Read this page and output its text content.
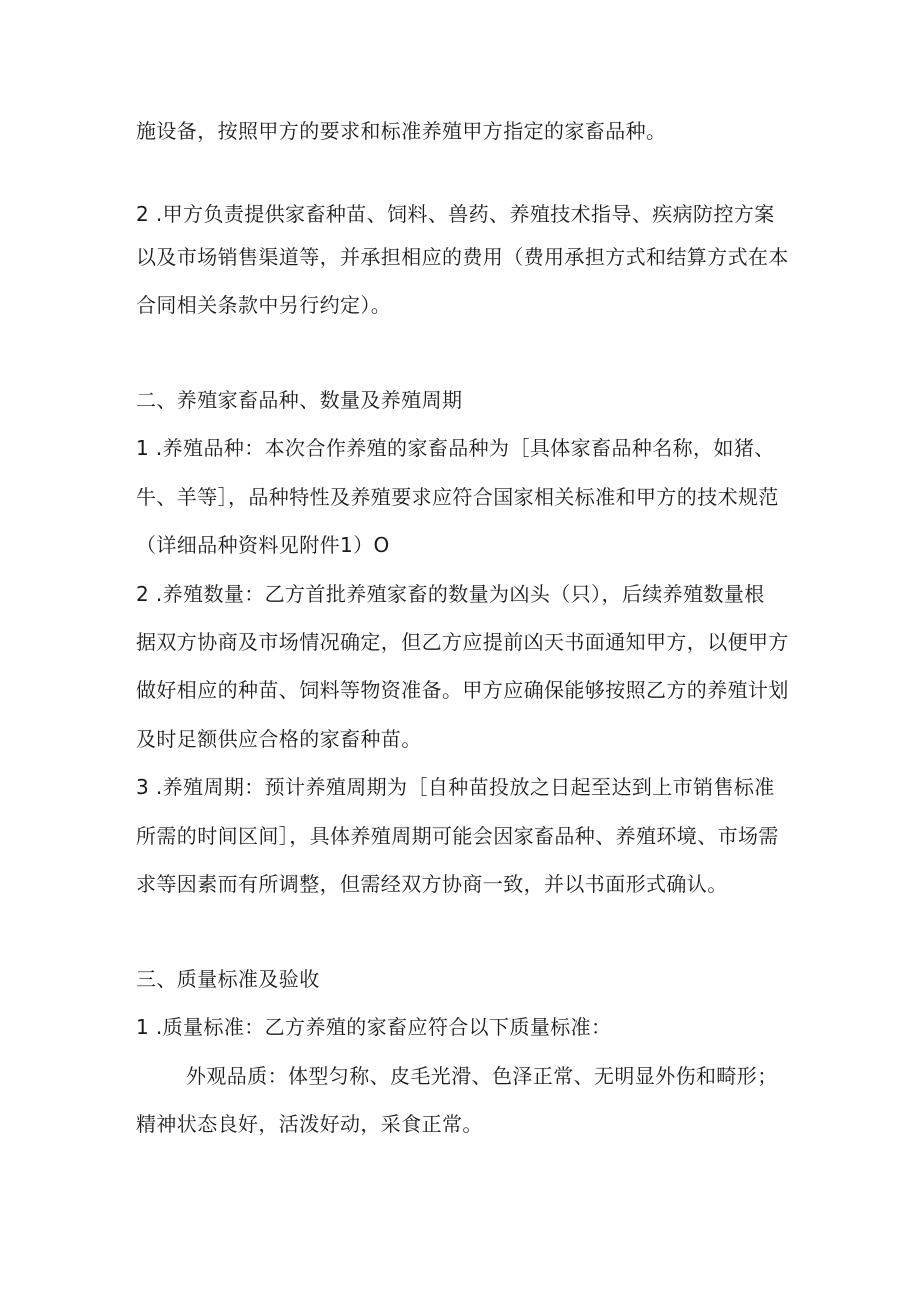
施设备，按照甲方的要求和标准养殖甲方指定的家畜品种。
2 .甲方负责提供家畜种苗、饲料、兽药、养殖技术指导、疾病防控方案
以及市场销售渠道等，并承担相应的费用（费用承担方式和结算方式在本
合同相关条款中另行约定）。
二、养殖家畜品种、数量及养殖周期
1 .养殖品种：本次合作养殖的家畜品种为［具体家畜品种名称，如猪、
牛、羊等］，品种特性及养殖要求应符合国家相关标准和甲方的技术规范
（详细品种资料见附件1）O
2 .养殖数量：乙方首批养殖家畜的数量为凶头（只），后续养殖数量根
据双方协商及市场情况确定，但乙方应提前凶天书面通知甲方，以便甲方
做好相应的种苗、饲料等物资准备。甲方应确保能够按照乙方的养殖计划
及时足额供应合格的家畜种苗。
3 .养殖周期：预计养殖周期为［自种苗投放之日起至达到上市销售标准
所需的时间区间］，具体养殖周期可能会因家畜品种、养殖环境、市场需
求等因素而有所调整，但需经双方协商一致，并以书面形式确认。
三、质量标准及验收
1 .质量标准：乙方养殖的家畜应符合以下质量标准：
外观品质：体型匀称、皮毛光滑、色泽正常、无明显外伤和畸形；
精神状态良好，活泼好动，采食正常。
